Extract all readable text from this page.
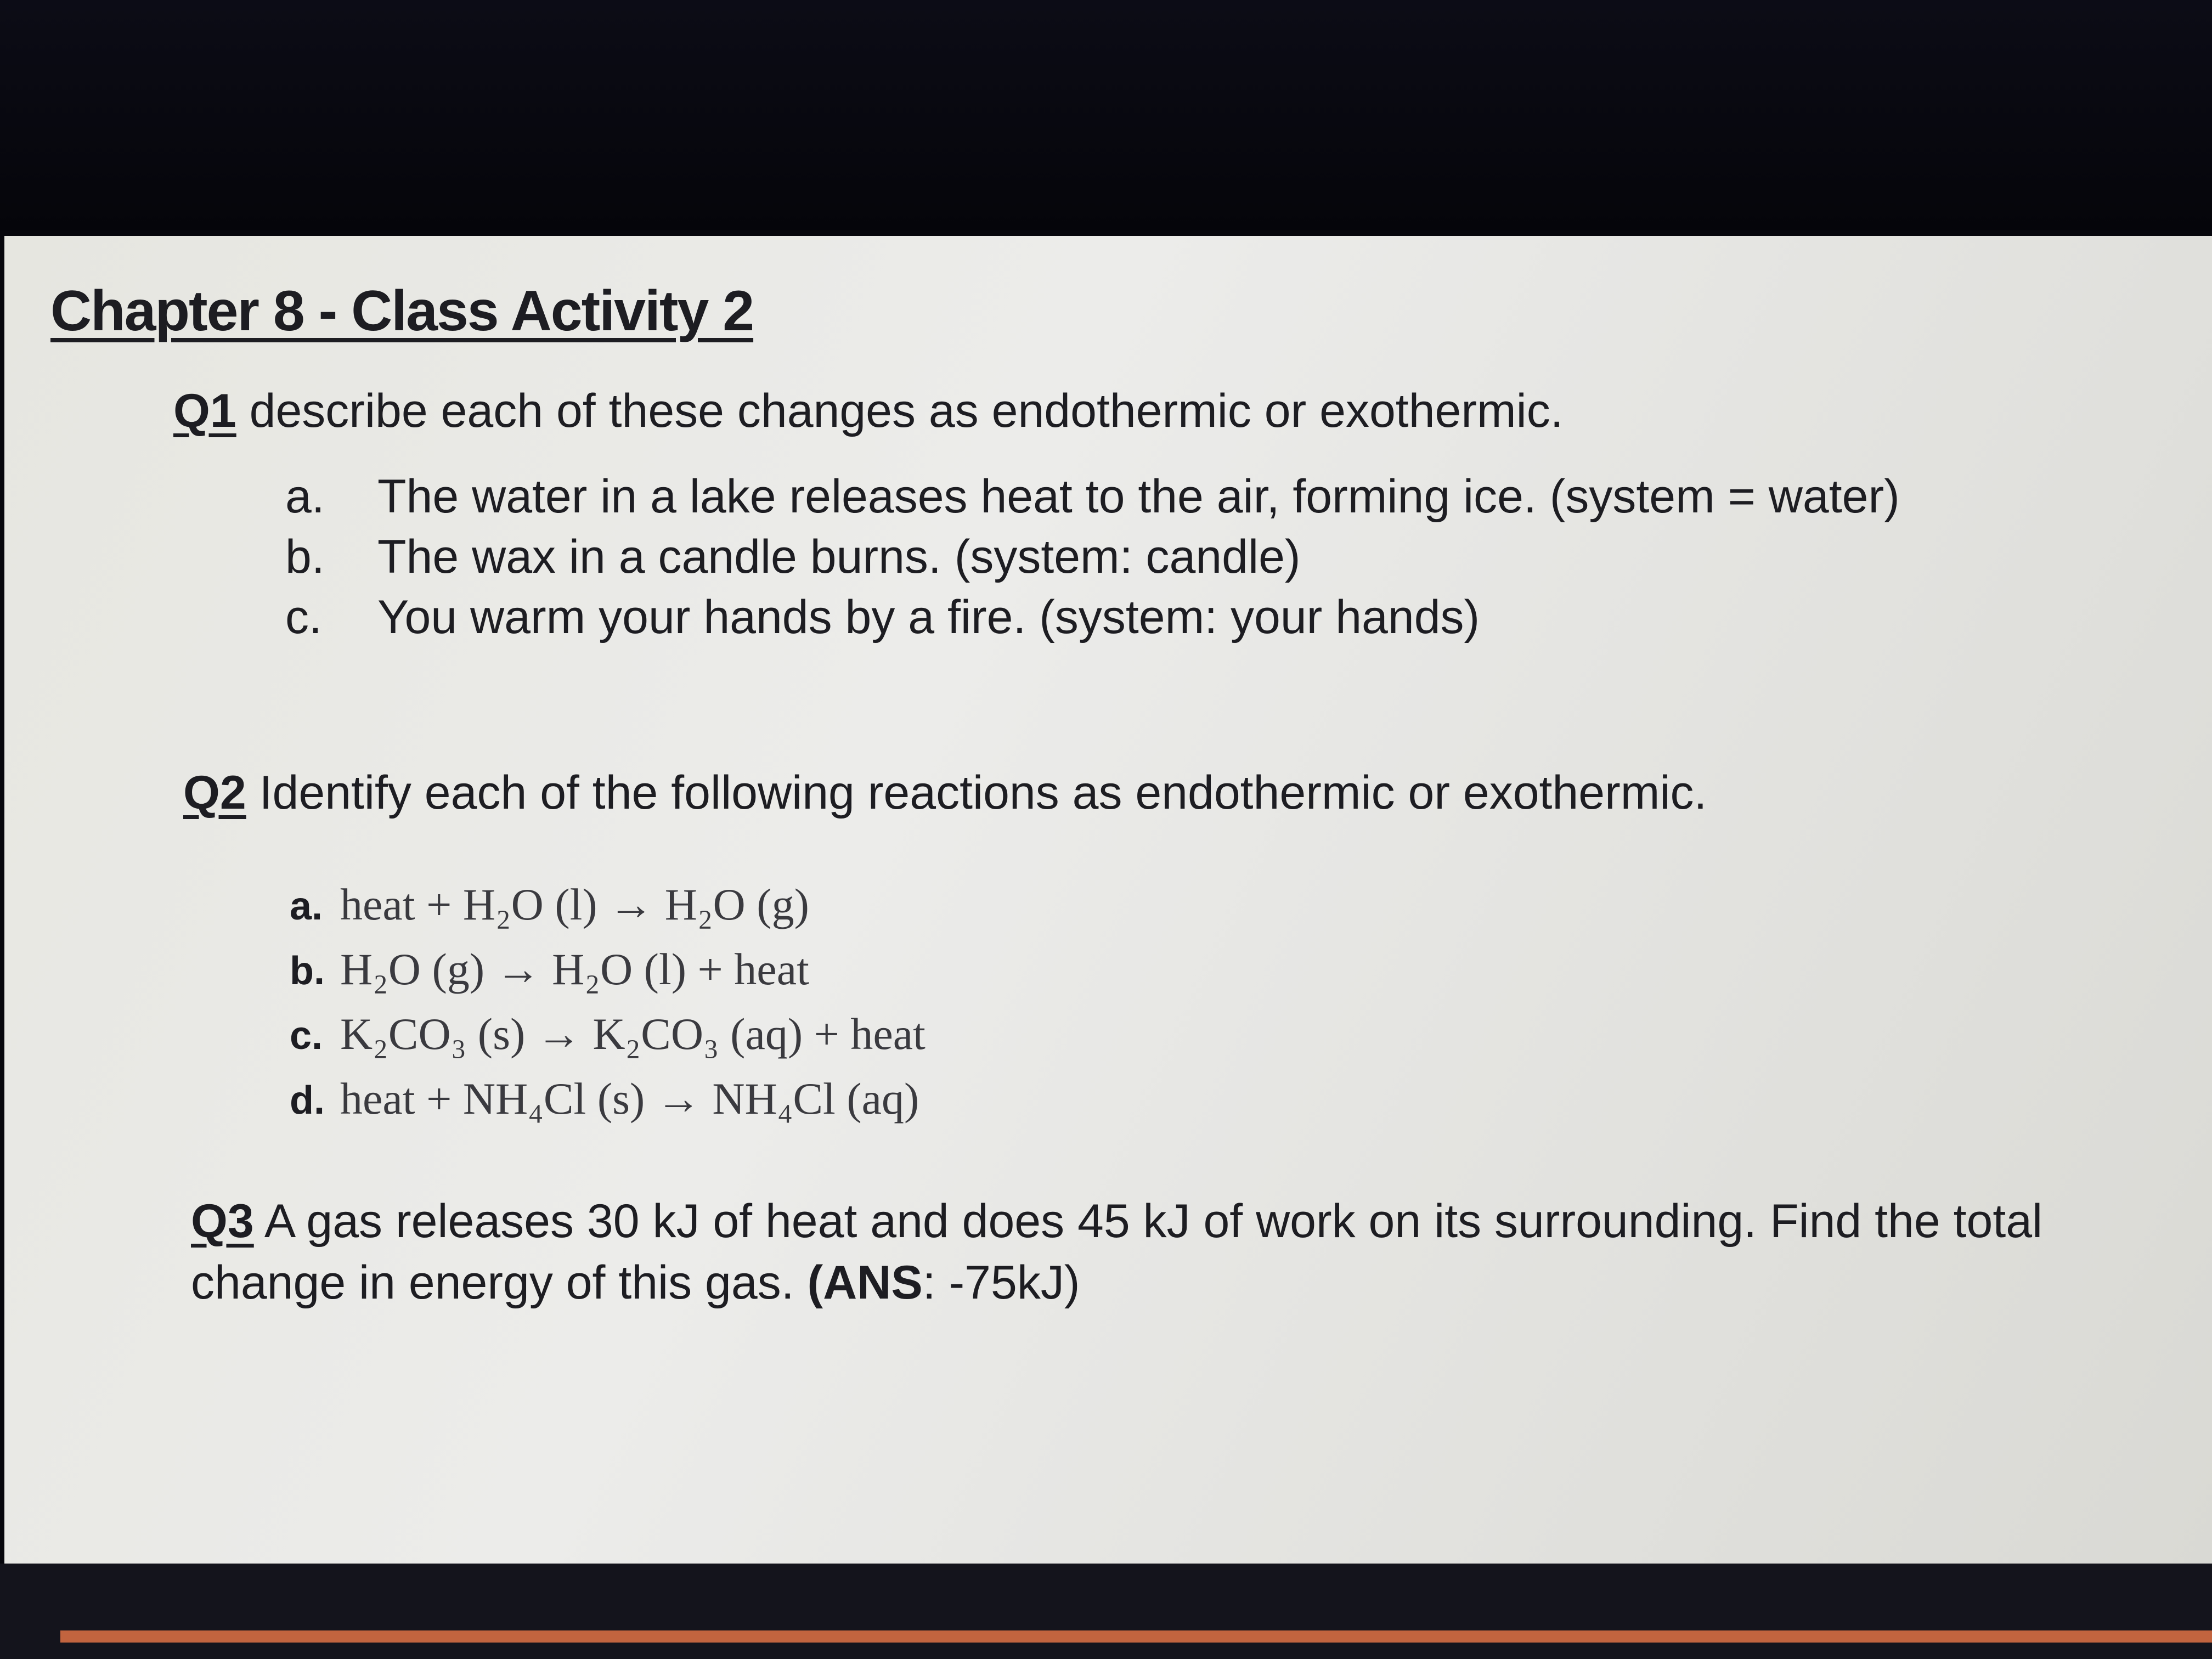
Chapter 8 - Class Activity 2

Q1 describe each of these changes as endothermic or exothermic.

a.	The water in a lake releases heat to the air, forming ice. (system = water)
b.	The wax in a candle burns. (system: candle)
c.	You warm your hands by a fire. (system: your hands)

Q2 Identify each of the following reactions as endothermic or exothermic.

a. heat + H₂O (l) → H₂O (g)
b. H₂O (g) → H₂O (l) + heat
c. K₂CO₃ (s) → K₂CO₃ (aq) + heat
d. heat + NH₄Cl (s) → NH₄Cl (aq)

Q3 A gas releases 30 kJ of heat and does 45 kJ of work on its surrounding. Find the total change in energy of this gas. (ANS: -75kJ)
